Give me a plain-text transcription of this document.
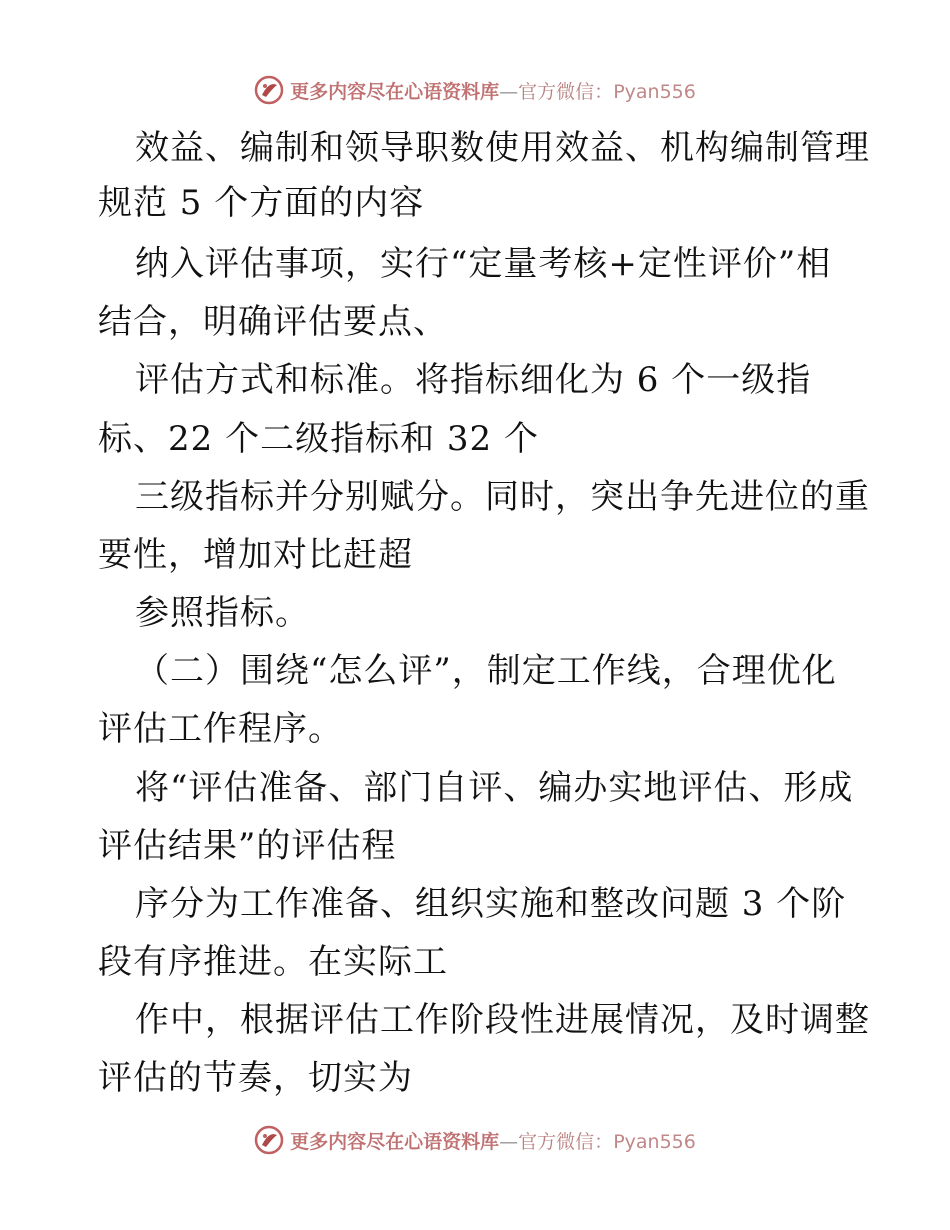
更多内容尽在心语资料库—官方微信：Pyan556
效益、编制和领导职数使用效益、机构编制管理
规范 5 个方面的内容
纳入评估事项，实行“定量考核+定性评价”相
结合，明确评估要点、
评估方式和标准。将指标细化为 6 个一级指
标、22 个二级指标和 32 个
三级指标并分别赋分。同时，突出争先进位的重
要性，增加对比赶超
参照指标。
（二）围绕“怎么评”，制定工作线，合理优化
评估工作程序。
将“评估准备、部门自评、编办实地评估、形成
评估结果”的评估程
序分为工作准备、组织实施和整改问题 3 个阶
段有序推进。在实际工
作中，根据评估工作阶段性进展情况，及时调整
评估的节奏，切实为
更多内容尽在心语资料库—官方微信：Pyan556
